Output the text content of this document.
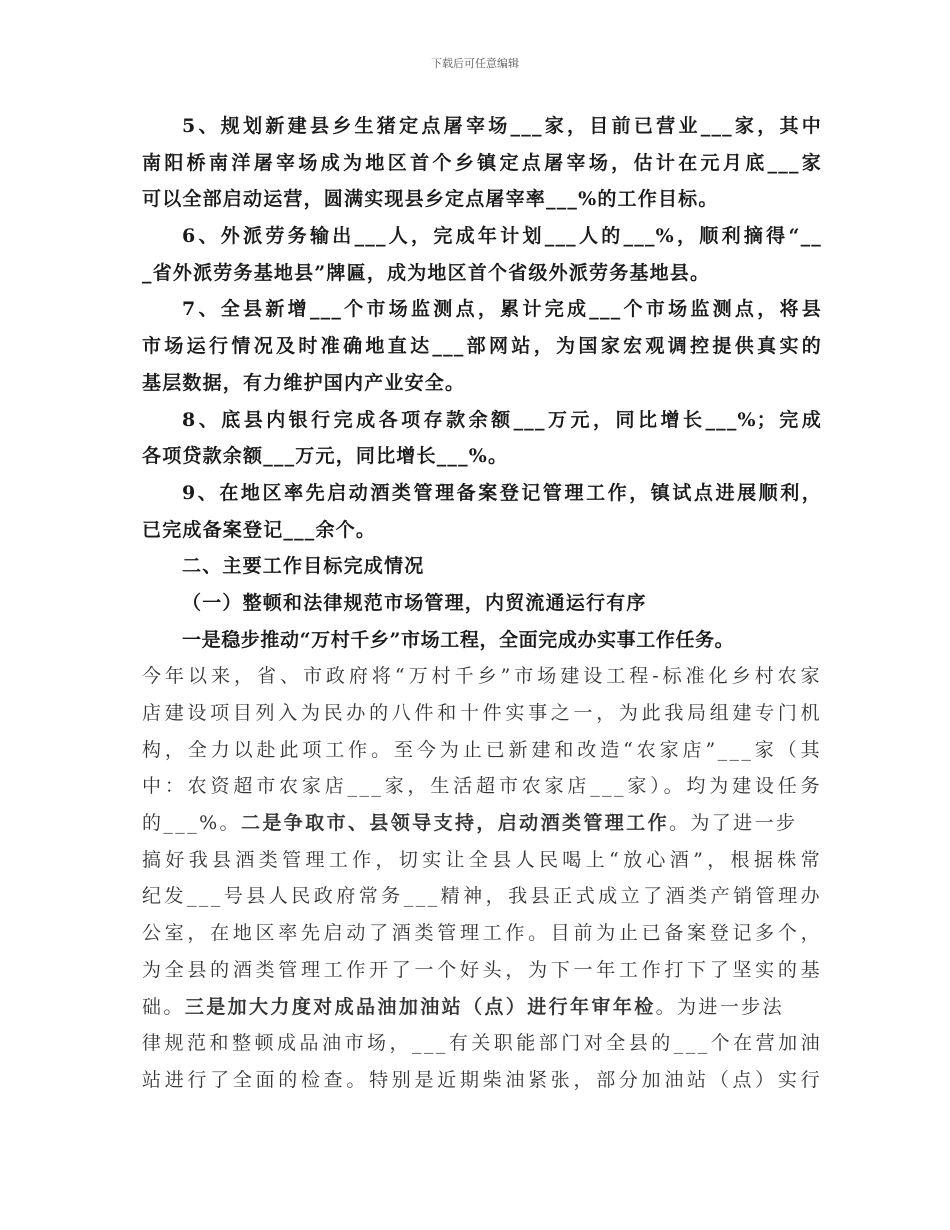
下载后可任意编辑
5、规划新建县乡生猪定点屠宰场___家，目前已营业___家，其中
南阳桥南洋屠宰场成为地区首个乡镇定点屠宰场，估计在元月底___家
可以全部启动运营，圆满实现县乡定点屠宰率___%的工作目标。
6、外派劳务输出___人，完成年计划___人的___%，顺利摘得“__
_省外派劳务基地县”牌匾，成为地区首个省级外派劳务基地县。
7、全县新增___个市场监测点，累计完成___个市场监测点，将县
市场运行情况及时准确地直达___部网站，为国家宏观调控提供真实的
基层数据，有力维护国内产业安全。
8、底县内银行完成各项存款余额___万元，同比增长___%；完成
各项贷款余额___万元，同比增长___%。
9、在地区率先启动酒类管理备案登记管理工作，镇试点进展顺利，
已完成备案登记___余个。
二、主要工作目标完成情况
（一）整顿和法律规范市场管理，内贸流通运行有序
一是稳步推动“万村千乡”市场工程，全面完成办实事工作任务。
今年以来，省、市政府将“万村千乡”市场建设工程-标准化乡村农家
店建设项目列入为民办的八件和十件实事之一，为此我局组建专门机
构，全力以赴此项工作。至今为止已新建和改造“农家店”___家（其
中：农资超市农家店___家，生活超市农家店___家）。均为建设任务
的___%。二是争取市、县领导支持，启动酒类管理工作。为了进一步
搞好我县酒类管理工作，切实让全县人民喝上“放心酒”，根据株常
纪发___号县人民政府常务___精神，我县正式成立了酒类产销管理办
公室，在地区率先启动了酒类管理工作。目前为止已备案登记多个，
为全县的酒类管理工作开了一个好头，为下一年工作打下了坚实的基
础。三是加大力度对成品油加油站（点）进行年审年检。为进一步法
律规范和整顿成品油市场，___有关职能部门对全县的___个在营加油
站进行了全面的检查。特别是近期柴油紧张，部分加油站（点）实行
